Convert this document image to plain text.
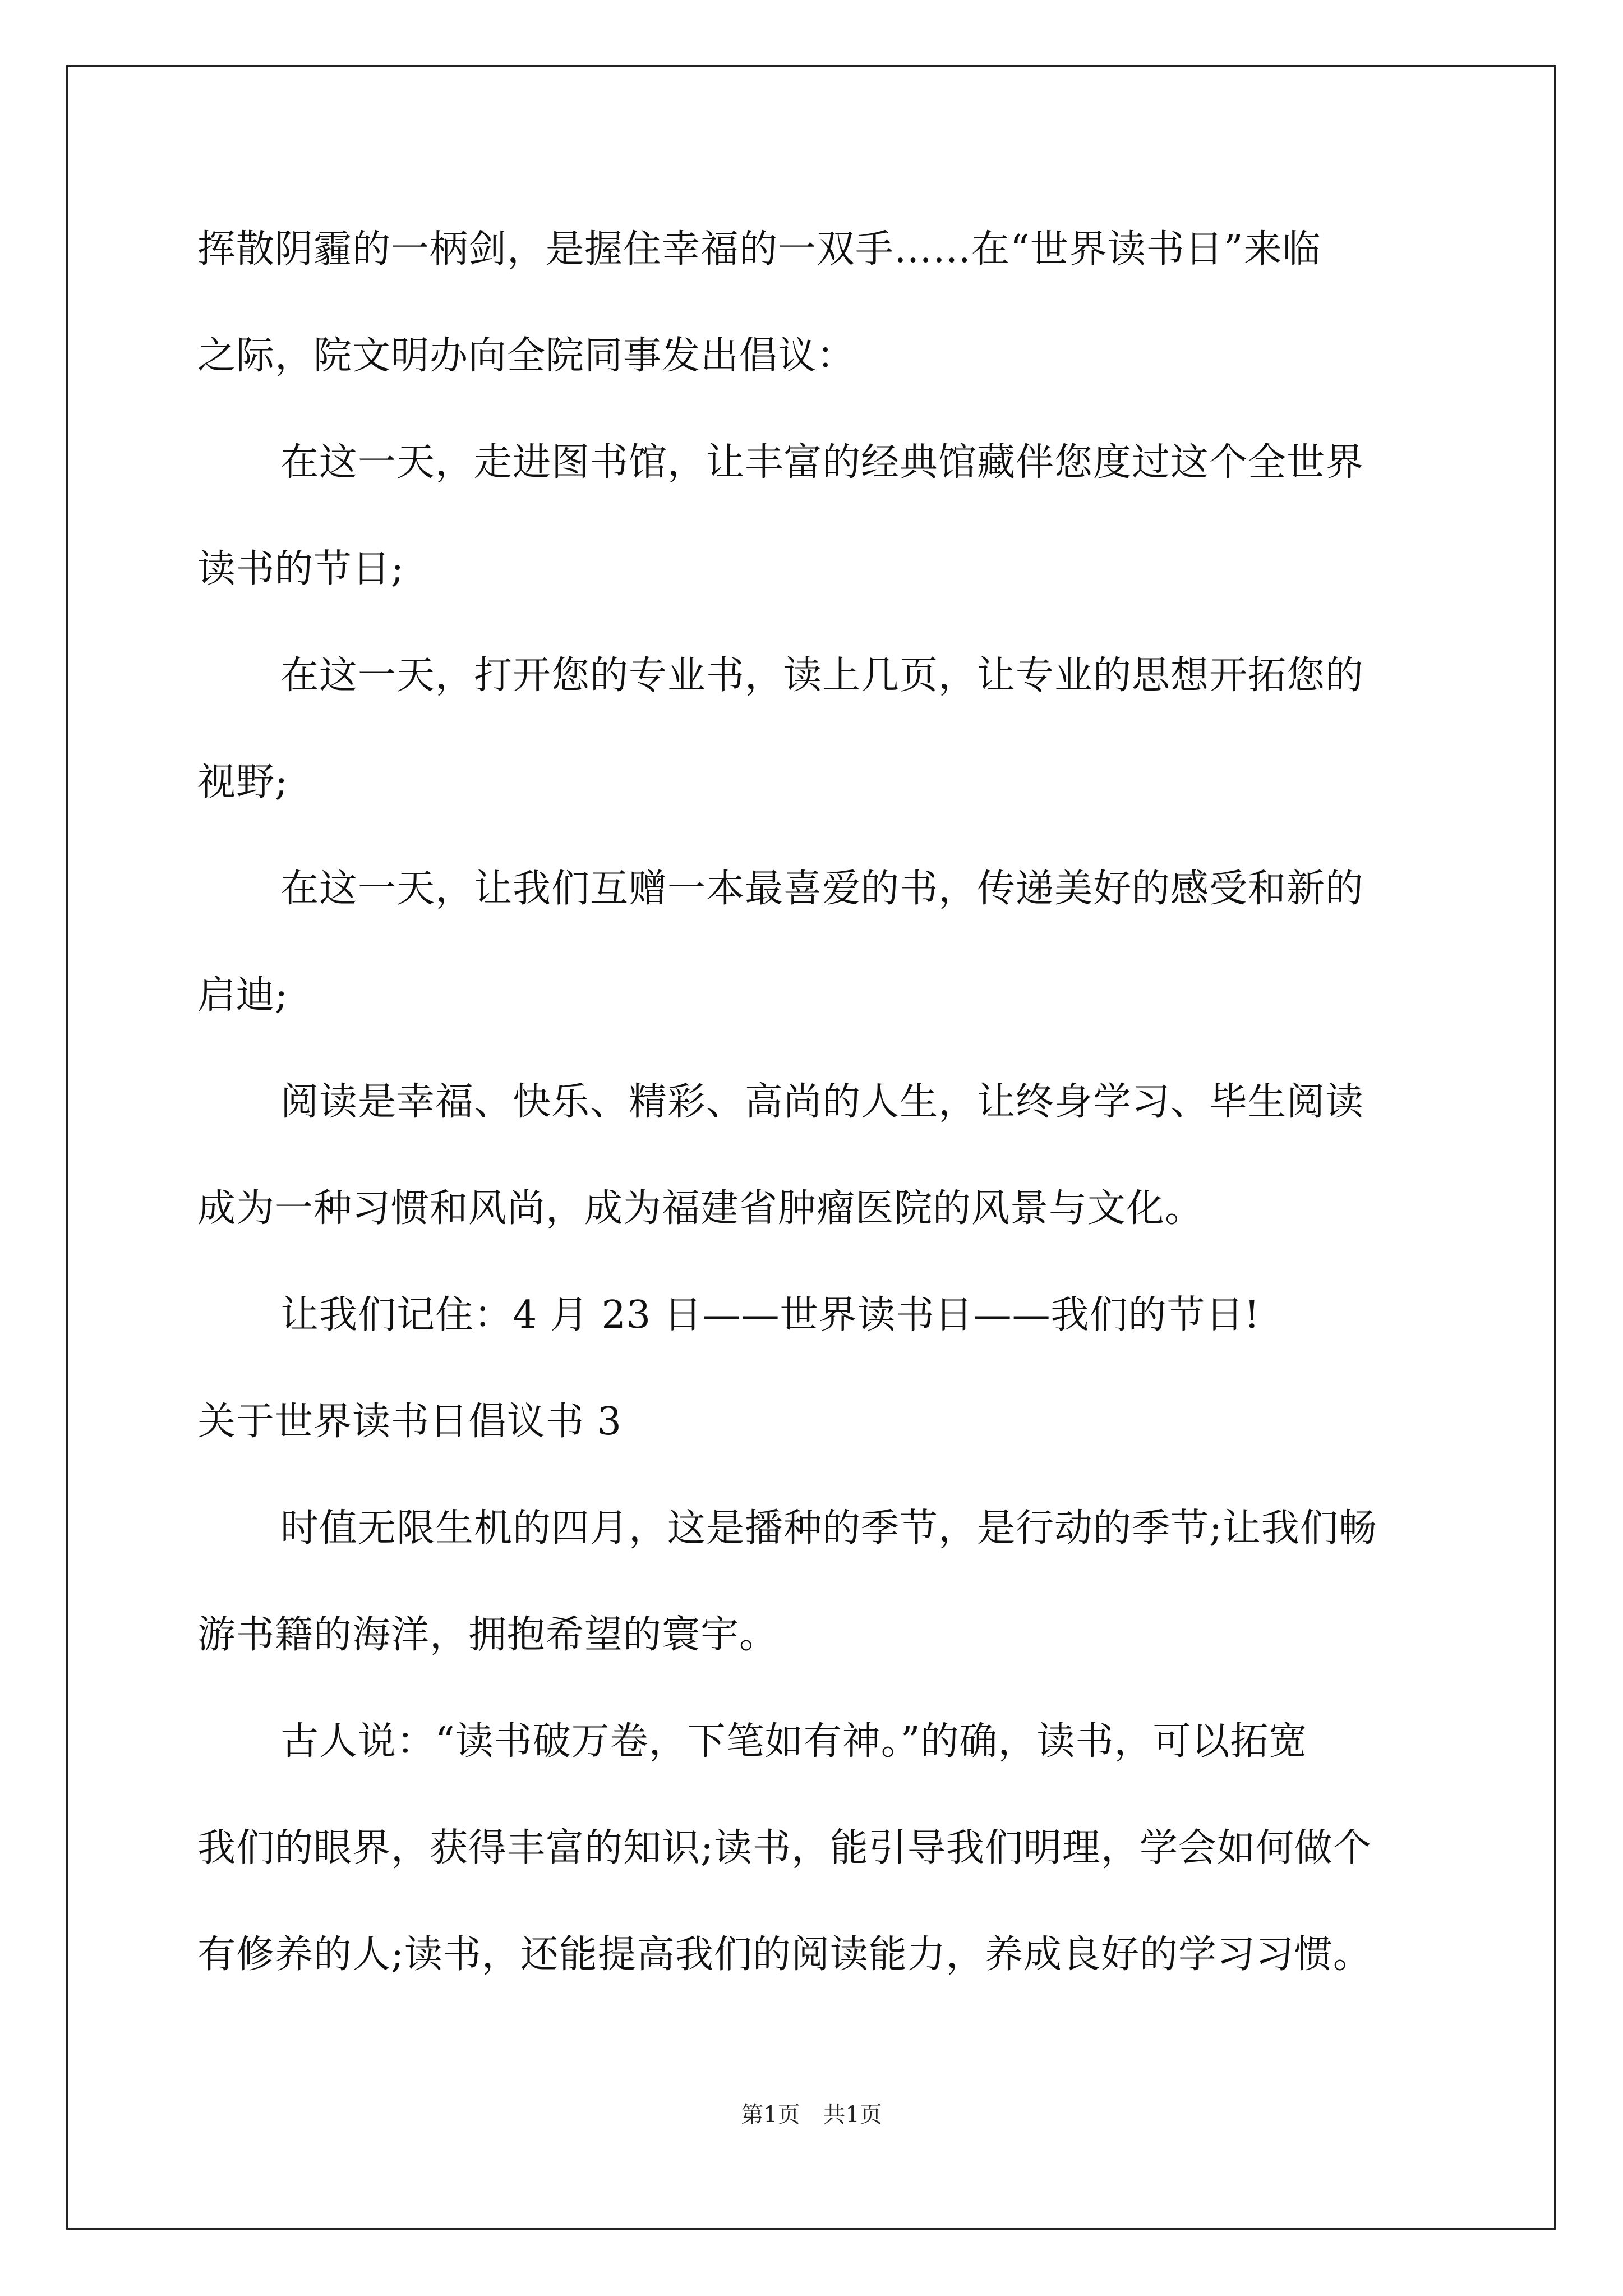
挥散阴霾的一柄剑，是握住幸福的一双手……在“世界读书日”来临
之际，院文明办向全院同事发出倡议：
在这一天，走进图书馆，让丰富的经典馆藏伴您度过这个全世界
读书的节日;
在这一天，打开您的专业书，读上几页，让专业的思想开拓您的
视野;
在这一天，让我们互赠一本最喜爱的书，传递美好的感受和新的
启迪;
阅读是幸福、快乐、精彩、高尚的人生，让终身学习、毕生阅读
成为一种习惯和风尚，成为福建省肿瘤医院的风景与文化。
让我们记住：4 月 23 日——世界读书日——我们的节日!
关于世界读书日倡议书 3
时值无限生机的四月，这是播种的季节，是行动的季节;让我们畅
游书籍的海洋，拥抱希望的寰宇。
古人说：“读书破万卷，下笔如有神。”的确，读书，可以拓宽
我们的眼界，获得丰富的知识;读书，能引导我们明理，学会如何做个
有修养的人;读书，还能提高我们的阅读能力，养成良好的学习习惯。
第1页 共1页
